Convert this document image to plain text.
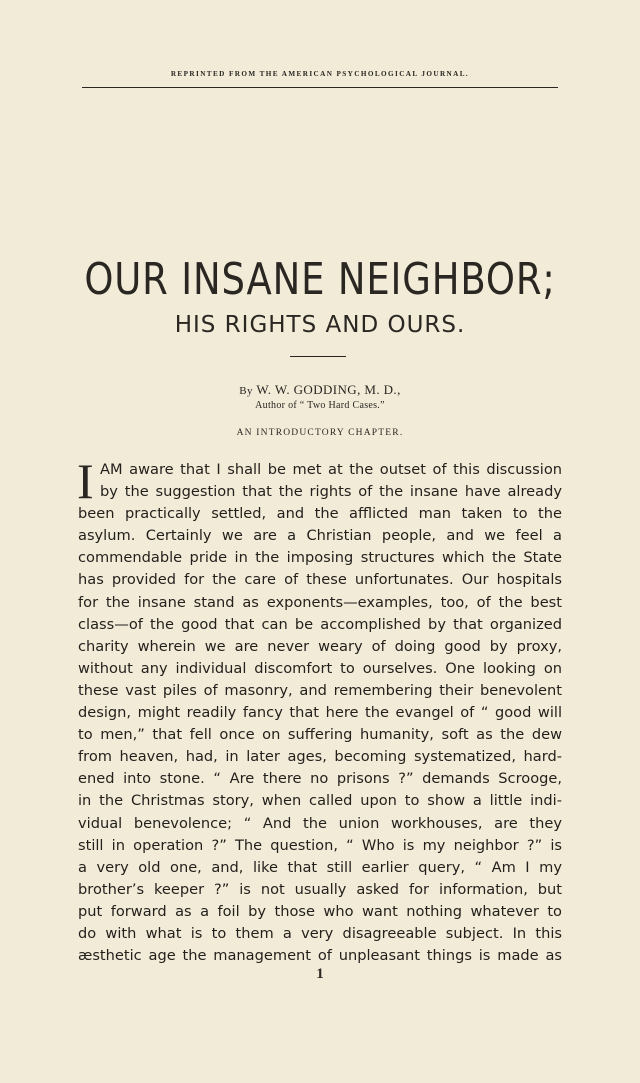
REPRINTED FROM THE AMERICAN PSYCHOLOGICAL JOURNAL.
OUR INSANE NEIGHBOR;
HIS RIGHTS AND OURS.
By W. W. GODDING, M. D.,
Author of “ Two Hard Cases.”
AN INTRODUCTORY CHAPTER.
I AM aware that I shall be met at the outset of this discussion
by the suggestion that the rights of the insane have already
been practically settled, and the afflicted man taken to the
asylum. Certainly we are a Christian people, and we feel a
commendable pride in the imposing structures which the State
has provided for the care of these unfortunates. Our hospitals
for the insane stand as exponents—examples, too, of the best
class—of the good that can be accomplished by that organized
charity wherein we are never weary of doing good by proxy,
without any individual discomfort to ourselves. One looking on
these vast piles of masonry, and remembering their benevolent
design, might readily fancy that here the evangel of “ good will
to men,” that fell once on suffering humanity, soft as the dew
from heaven, had, in later ages, becoming systematized, hard-
ened into stone. “ Are there no prisons ?” demands Scrooge,
in the Christmas story, when called upon to show a little indi-
vidual benevolence; “ And the union workhouses, are they
still in operation ?” The question, “ Who is my neighbor ?” is
a very old one, and, like that still earlier query, “ Am I my
brother’s keeper ?” is not usually asked for information, but
put forward as a foil by those who want nothing whatever to
do with what is to them a very disagreeable subject. In this
æsthetic age the management of unpleasant things is made as
1
